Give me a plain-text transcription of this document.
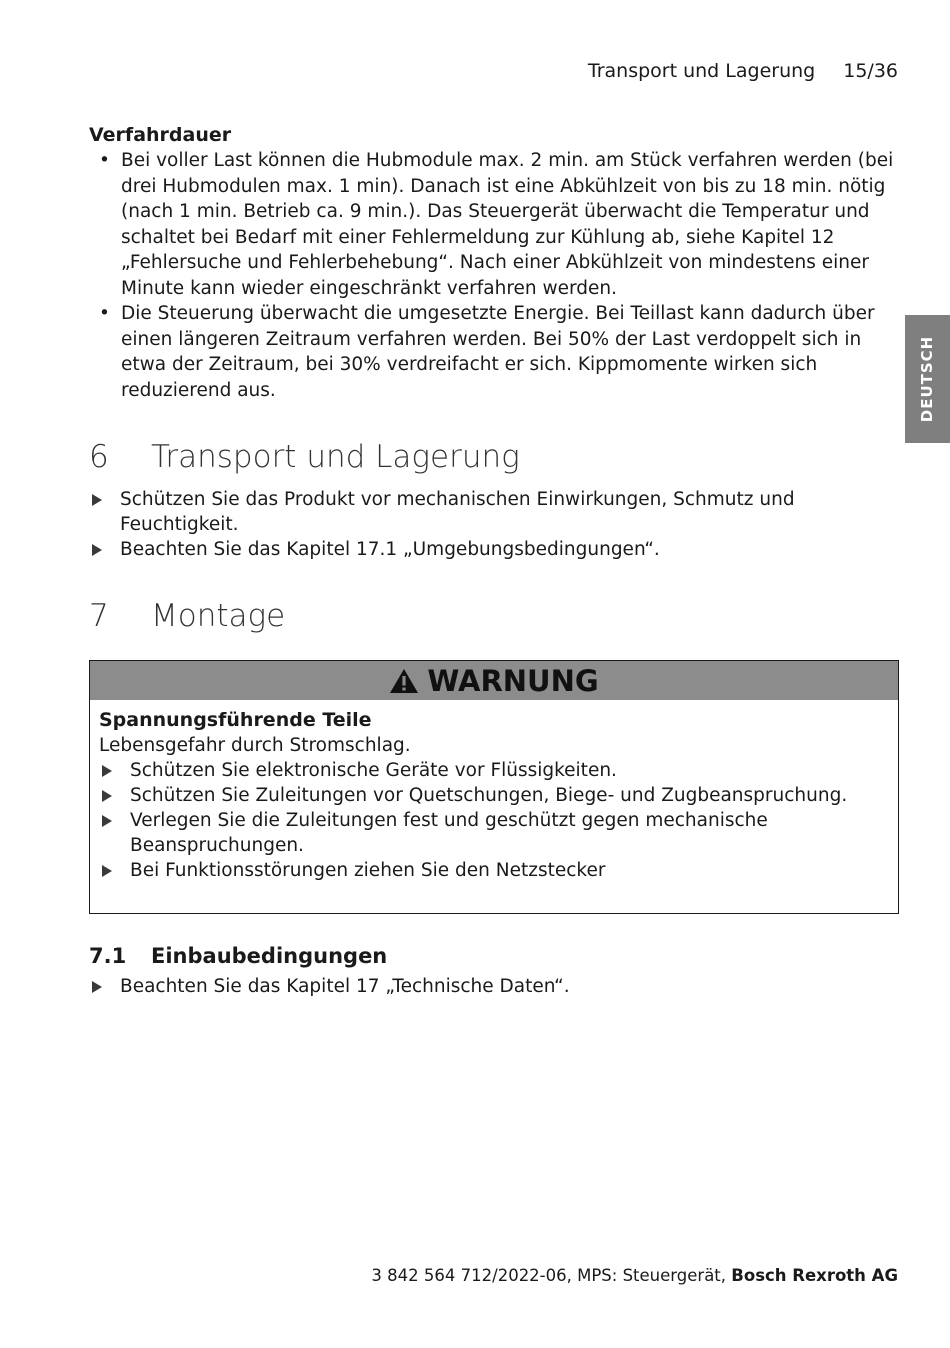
Transport und Lagerung 15/36
DEUTSCH
Verfahrdauer
• Bei voller Last können die Hubmodule max. 2 min. am Stück verfahren werden (bei drei Hubmodulen max. 1 min). Danach ist eine Abkühlzeit von bis zu 18 min. nötig (nach 1 min. Betrieb ca. 9 min.). Das Steuergerät überwacht die Temperatur und schaltet bei Bedarf mit einer Fehlermeldung zur Kühlung ab, siehe Kapitel 12 „Fehlersuche und Fehlerbehebung“. Nach einer Abkühlzeit von mindestens einer Minute kann wieder eingeschränkt verfahren werden.
• Die Steuerung überwacht die umgesetzte Energie. Bei Teillast kann dadurch über einen längeren Zeitraum verfahren werden. Bei 50% der Last verdoppelt sich in etwa der Zeitraum, bei 30% verdreifacht er sich. Kippmomente wirken sich reduzierend aus.
6	Transport und Lagerung
Schützen Sie das Produkt vor mechanischen Einwirkungen, Schmutz und Feuchtigkeit.
Beachten Sie das Kapitel 17.1 „Umgebungsbedingungen“.
7	Montage
WARNUNG
Spannungsführende Teile
Lebensgefahr durch Stromschlag.
Schützen Sie elektronische Geräte vor Flüssigkeiten.
Schützen Sie Zuleitungen vor Quetschungen, Biege- und Zugbeanspruchung.
Verlegen Sie die Zuleitungen fest und geschützt gegen mechanische Beanspruchungen.
Bei Funktionsstörungen ziehen Sie den Netzstecker
7.1	Einbaubedingungen
Beachten Sie das Kapitel 17 „Technische Daten“.
3 842 564 712/2022-06, MPS: Steuergerät, Bosch Rexroth AG
